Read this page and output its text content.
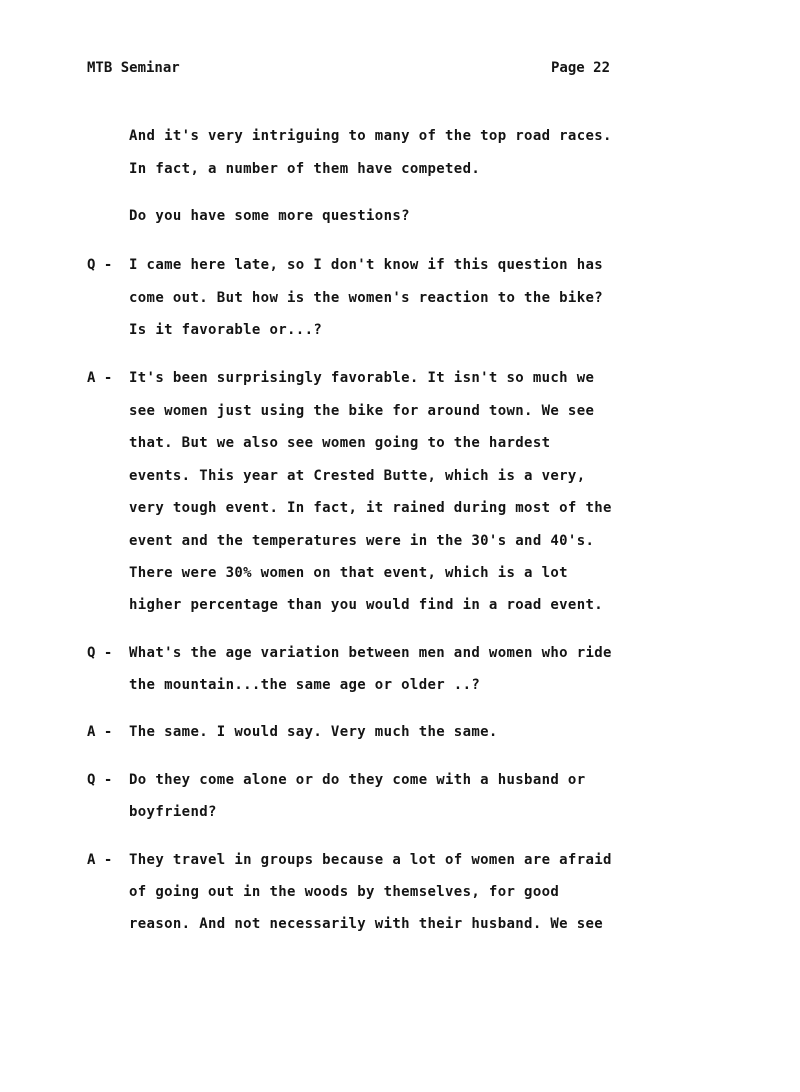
MTB Seminar	Page 22
And it's very intriguing to many of the top road races.
In fact, a number of them have competed.
Do you have some more questions?
Q - I came here late, so I don't know if this question has
come out. But how is the women's reaction to the bike?
Is it favorable or...?
A - It's been surprisingly favorable. It isn't so much we
see women just using the bike for around town. We see
that. But we also see women going to the hardest
events. This year at Crested Butte, which is a very,
very tough event. In fact, it rained during most of the
event and the temperatures were in the 30's and 40's.
There were 30% women on that event, which is a lot
higher percentage than you would find in a road event.
Q - What's the age variation between men and women who ride
the mountain...the same age or older ..?
A - The same. I would say. Very much the same.
Q - Do they come alone or do they come with a husband or
boyfriend?
A - They travel in groups because a lot of women are afraid
of going out in the woods by themselves, for good
reason. And not necessarily with their husband. We see
